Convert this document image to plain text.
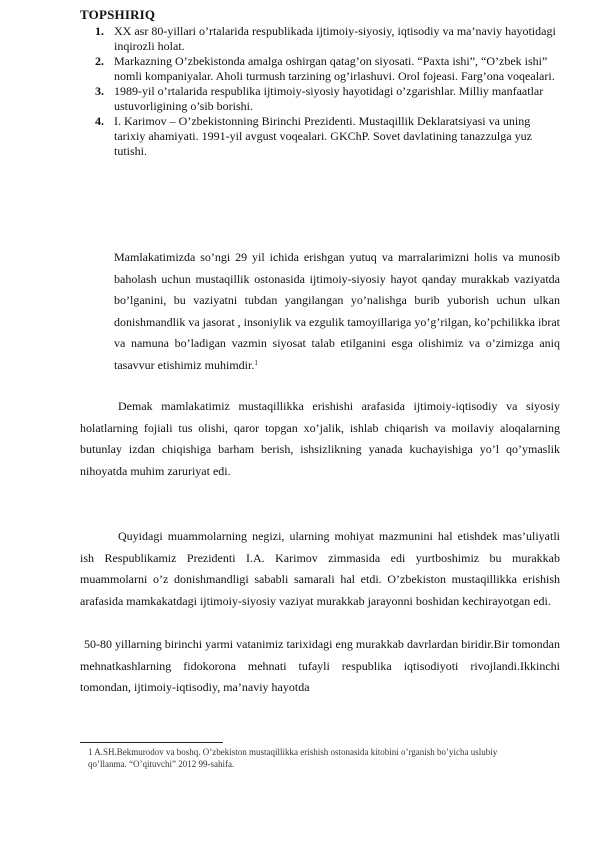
TOPSHIRIQ
1. XX asr 80-yillari o’rtalarida respublikada ijtimoiy-siyosiy, iqtisodiy va ma’naviy hayotidagi inqirozli holat.
2. Markazning O’zbekistonda amalga oshirgan qatag’on siyosati. “Paxta ishi”, “O’zbek ishi” nomli kompaniyalar. Aholi turmush tarzining og’irlashuvi. Orol fojeasi. Farg’ona voqealari.
3. 1989-yil o’rtalarida respublika ijtimoiy-siyosiy hayotidagi o’zgarishlar. Milliy manfaatlar ustuvorligining o’sib borishi.
4. I. Karimov – O’zbekistonning Birinchi Prezidenti. Mustaqillik Deklaratsiyasi va uning tarixiy ahamiyati. 1991-yil avgust voqealari. GKChP. Sovet davlatining tanazzulga yuz tutishi.
Mamlakatimizda so’ngi 29 yil ichida erishgan yutuq va marralarimizni holis va munosib baholash uchun mustaqillik ostonasida ijtimoiy-siyosiy hayot qanday murakkab vaziyatda bo’lganini, bu vaziyatni tubdan yangilangan yo’nalishga burib yuborish uchun ulkan donishmandlik va jasorat , insoniylik va ezgulik tamoyillariga yo’g’rilgan, ko’pchilikka ibrat va namuna bo’ladigan vazmin siyosat talab etilganini esga olishimiz va o’zimizga aniq tasavvur etishimiz muhimdir.$^1$
Demak mamlakatimiz mustaqillikka erishishi arafasida ijtimoiy-iqtisodiy va siyosiy holatlarning fojiali tus olishi, qaror topgan xo’jalik, ishlab chiqarish va moilaviy aloqalarning butunlay izdan chiqishiga barham berish, ishsizlikning yanada kuchayishiga yo’l qo’ymaslik nihoyatda muhim zaruriyat edi.
Quyidagi muammolarning negizi, ularning mohiyat mazmunini hal etishdek mas’uliyatli ish Respublikamiz Prezidenti I.A. Karimov zimmasida edi yurtboshimiz bu murakkab muammolarni o’z donishmandligi sababli samarali hal etdi. O’zbekiston mustaqillikka erishish arafasida mamkakatdagi ijtimoiy-siyosiy vaziyat murakkab jarayonni boshidan kechirayotgan edi.
50-80 yillarning birinchi yarmi vatanimiz tarixidagi eng murakkab davrlardan biridir.Bir tomondan mehnatkashlarning fidokorona mehnati tufayli respublika iqtisodiyoti rivojlandi.Ikkinchi tomondan, ijtimoiy-iqtisodiy, ma’naviy hayotda
1 A.SH.Bekmurodov va boshq. O’zbekiston mustaqillikka erishish ostonasida kitobini o’rganish bo’yicha uslubiy qo’llanma. “O’qituvchi” 2012 99-sahifa.
